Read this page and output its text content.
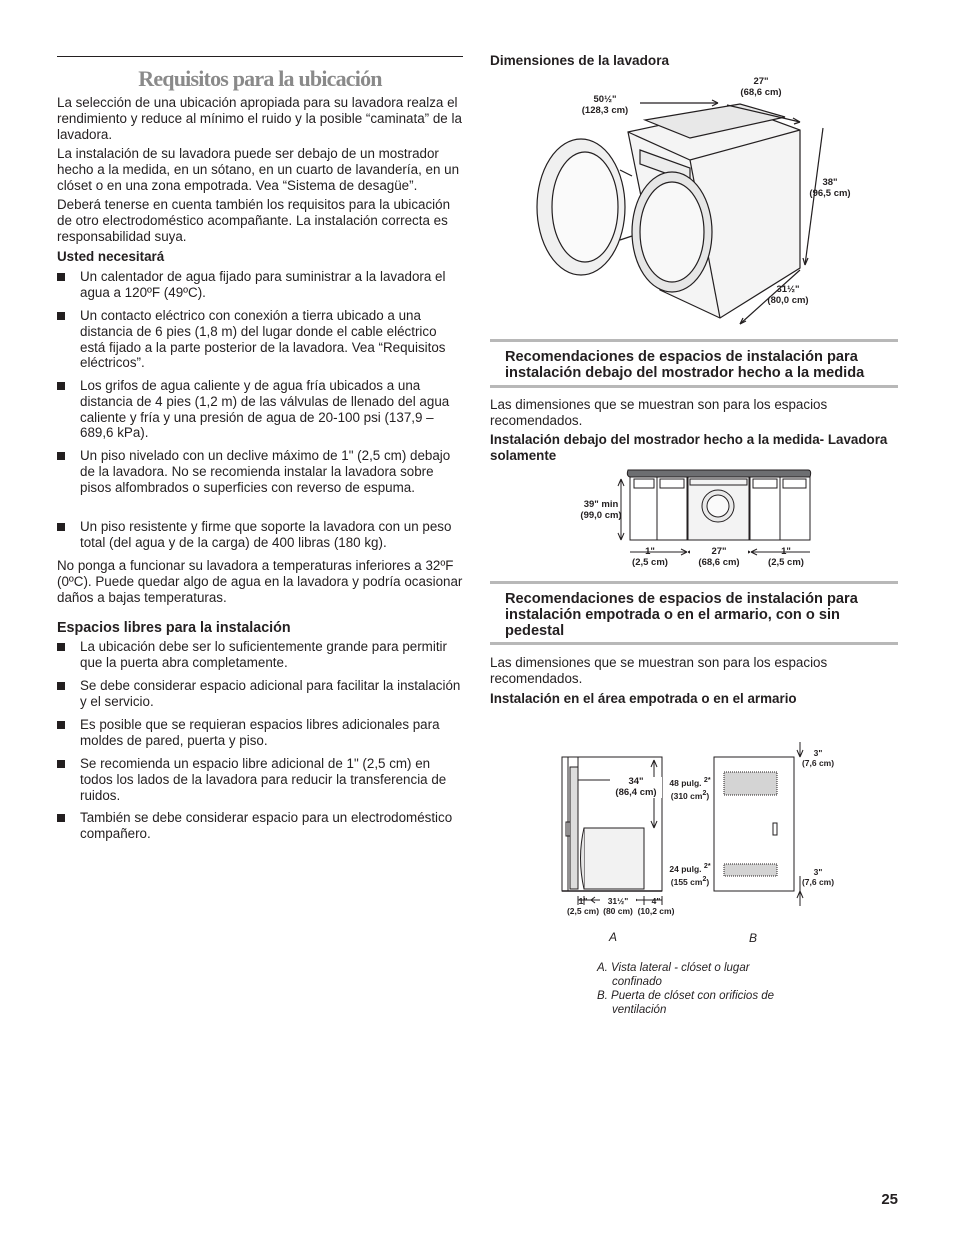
Requisitos para la ubicación

La selección de una ubicación apropiada para su lavadora realza el rendimiento y reduce al mínimo el ruido y la posible “caminata” de la lavadora.

La instalación de su lavadora puede ser debajo de un mostrador hecho a la medida, en un sótano, en un cuarto de lavandería, en un clóset o en una zona empotrada. Vea “Sistema de desagüe”.

Deberá tenerse en cuenta también los requisitos para la ubicación de otro electrodoméstico acompañante. La instalación correcta es responsabilidad suya.

Usted necesitará

Un calentador de agua fijado para suministrar a la lavadora el agua a 120ºF (49ºC).
Un contacto eléctrico con conexión a tierra ubicado a una distancia de 6 pies (1,8 m) del lugar donde el cable eléctrico está fijado a la parte posterior de la lavadora. Vea “Requisitos eléctricos”.
Los grifos de agua caliente y de agua fría ubicados a una distancia de 4 pies (1,2 m) de las válvulas de llenado del agua caliente y fría y una presión de agua de 20-100 psi (137,9 – 689,6 kPa).
Un piso nivelado con un declive máximo de 1" (2,5 cm) debajo de la lavadora. No se recomienda instalar la lavadora sobre pisos alfombrados o superficies con reverso de espuma.
Un piso resistente y firme que soporte la lavadora con un peso total (del agua y de la carga) de 400 libras (180 kg).

No ponga a funcionar su lavadora a temperaturas inferiores a 32ºF (0ºC). Puede quedar algo de agua en la lavadora y podría ocasionar daños a bajas temperaturas.

Espacios libres para la instalación

La ubicación debe ser lo suficientemente grande para permitir que la puerta abra completamente.
Se debe considerar espacio adicional para facilitar la instalación y el servicio.
Es posible que se requieran espacios libres adicionales para moldes de pared, puerta y piso.
Se recomienda un espacio libre adicional de 1" (2,5 cm) en todos los lados de la lavadora para reducir la transferencia de ruidos.
También se debe considerar espacio para un electrodoméstico compañero.
Dimensiones de la lavadora
50½"
(128,3 cm)
27"
(68,6 cm)
38"
(96,5 cm)
31½"
(80,0 cm)
Recomendaciones de espacios de instalación para instalación debajo del mostrador hecho a la medida
Las dimensiones que se muestran son para los espacios recomendados.
Instalación debajo del mostrador hecho a la medida- Lavadora solamente
39" min
(99,0 cm)
1"
(2,5 cm)
27"
(68,6 cm)
1"
(2,5 cm)
Recomendaciones de espacios de instalación para instalación empotrada o en el armario, con o sin pedestal
Las dimensiones que se muestran son para los espacios recomendados.
Instalación en el área empotrada o en el armario
34"
(86,4 cm)
48 pulg. $^{2*}$
(310 $cm^2$)
24 pulg. $^{2*}$
(155 $cm^2$)
3"
(7,6 cm)
3"
(7,6 cm)
1"
(2,5 cm)
31½"
(80 cm)
4"
(10,2 cm)
A	B
A. Vista lateral - clóset o lugar
confinado
B. Puerta de clóset con orificios de
ventilación
25
